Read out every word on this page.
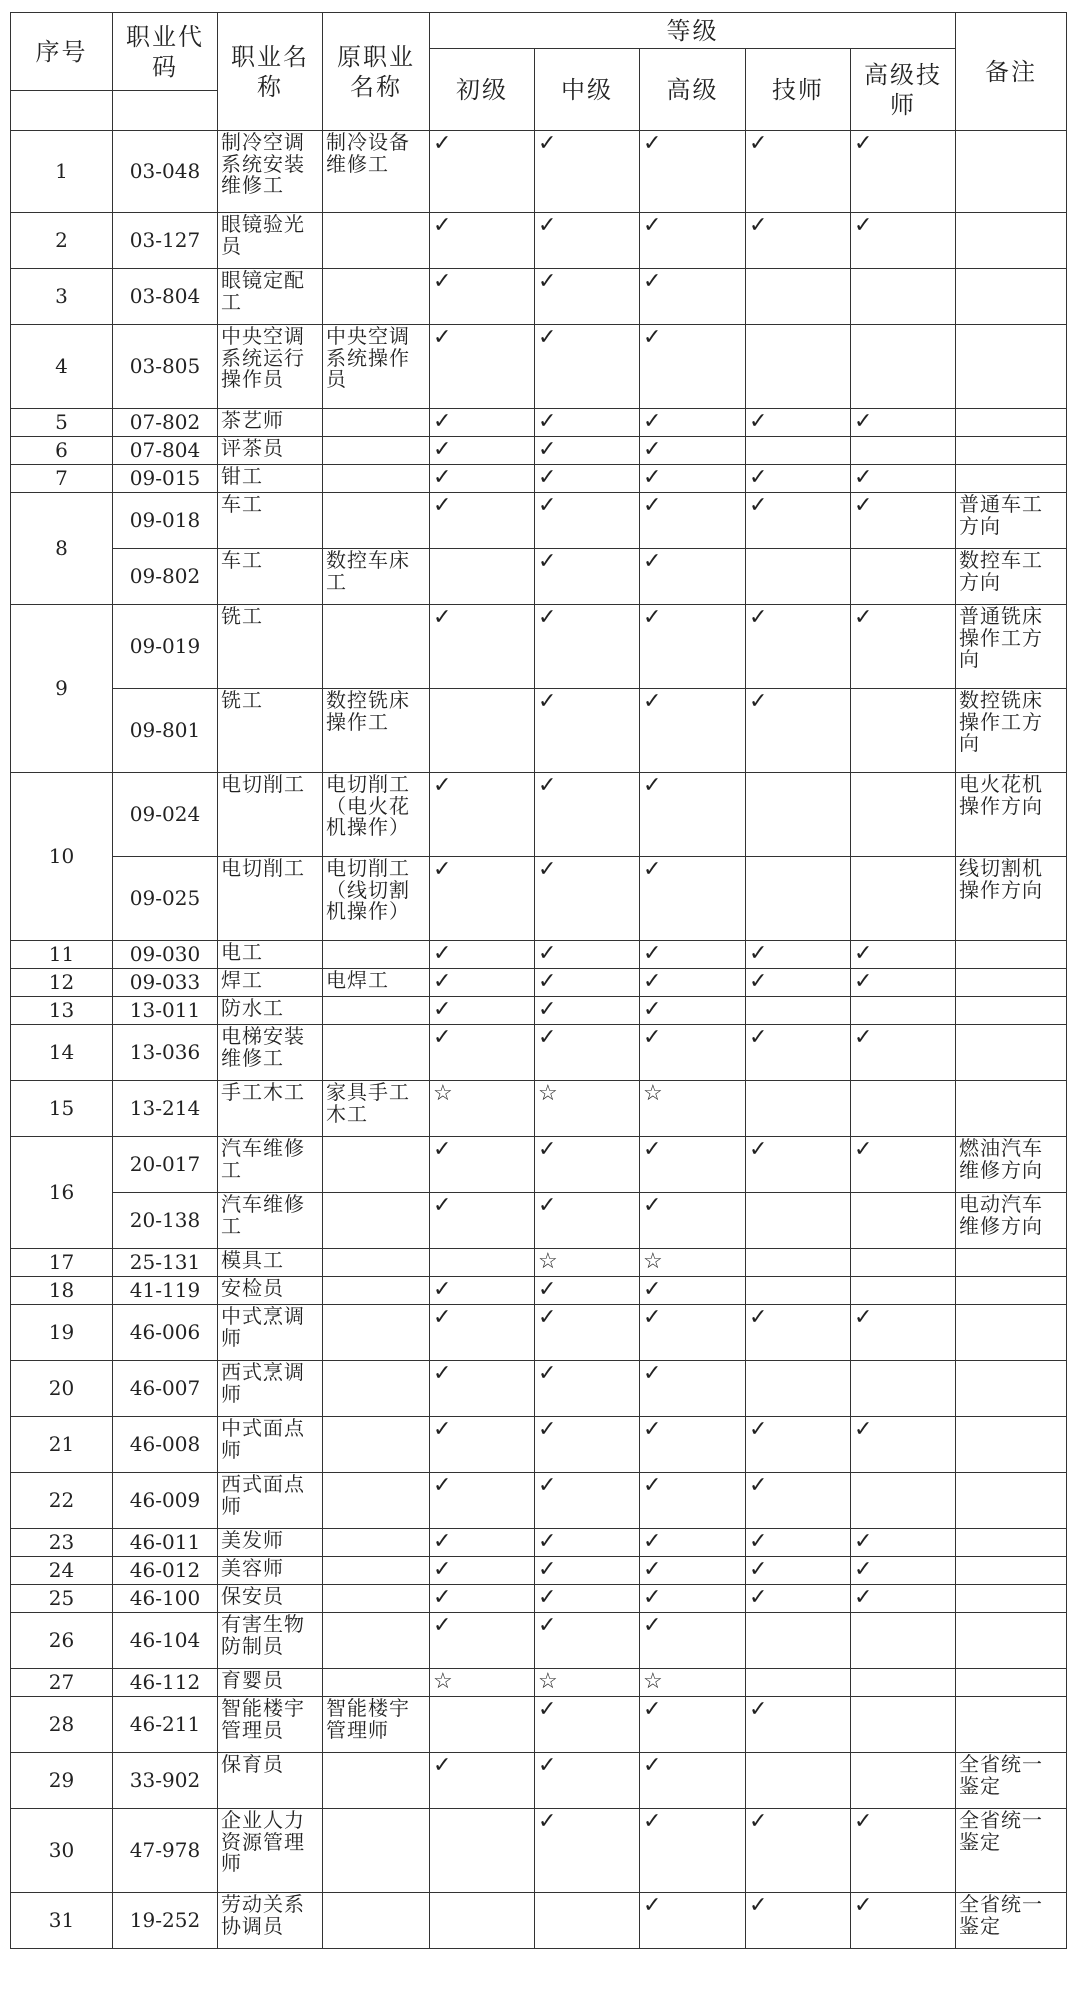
序号	职业代码	职业名称	原职业名称	等级					备注
				初级	中级	高级	技师	高级技师	

1	03-048	制冷空调系统安装维修工	制冷设备维修工	✓	✓	✓	✓	✓	
2	03-127	眼镜验光员		✓	✓	✓	✓	✓	
3	03-804	眼镜定配工		✓	✓	✓			
4	03-805	中央空调系统运行操作员	中央空调系统操作员	✓	✓	✓			
5	07-802	茶艺师		✓	✓	✓	✓	✓	
6	07-804	评茶员		✓	✓	✓			
7	09-015	钳工		✓	✓	✓	✓	✓	
8	09-018	车工		✓	✓	✓	✓	✓	普通车工方向
	09-802	车工	数控车床工		✓	✓			数控车工方向
9	09-019	铣工		✓	✓	✓	✓	✓	普通铣床操作工方向
	09-801	铣工	数控铣床操作工		✓	✓	✓		数控铣床操作工方向
10	09-024	电切削工	电切削工（电火花机操作）	✓	✓	✓			电火花机操作方向
	09-025	电切削工	电切削工（线切割机操作）	✓	✓	✓			线切割机操作方向
11	09-030	电工		✓	✓	✓	✓	✓	
12	09-033	焊工	电焊工	✓	✓	✓	✓	✓	
13	13-011	防水工		✓	✓	✓			
14	13-036	电梯安装维修工		✓	✓	✓	✓	✓	
15	13-214	手工木工	家具手工木工	☆	☆	☆			
16	20-017	汽车维修工		✓	✓	✓	✓	✓	燃油汽车维修方向
	20-138	汽车维修工		✓	✓	✓			电动汽车维修方向
17	25-131	模具工			☆	☆			
18	41-119	安检员		✓	✓	✓			
19	46-006	中式烹调师		✓	✓	✓	✓	✓	
20	46-007	西式烹调师		✓	✓	✓			
21	46-008	中式面点师		✓	✓	✓	✓	✓	
22	46-009	西式面点师		✓	✓	✓	✓		
23	46-011	美发师		✓	✓	✓	✓	✓	
24	46-012	美容师		✓	✓	✓	✓	✓	
25	46-100	保安员		✓	✓	✓	✓	✓	
26	46-104	有害生物防制员		✓	✓	✓			
27	46-112	育婴员		☆	☆	☆			
28	46-211	智能楼宇管理员	智能楼宇管理师		✓	✓	✓		
29	33-902	保育员		✓	✓	✓			全省统一鉴定
30	47-978	企业人力资源管理师			✓	✓	✓	✓	全省统一鉴定
31	19-252	劳动关系协调员				✓	✓	✓	全省统一鉴定
